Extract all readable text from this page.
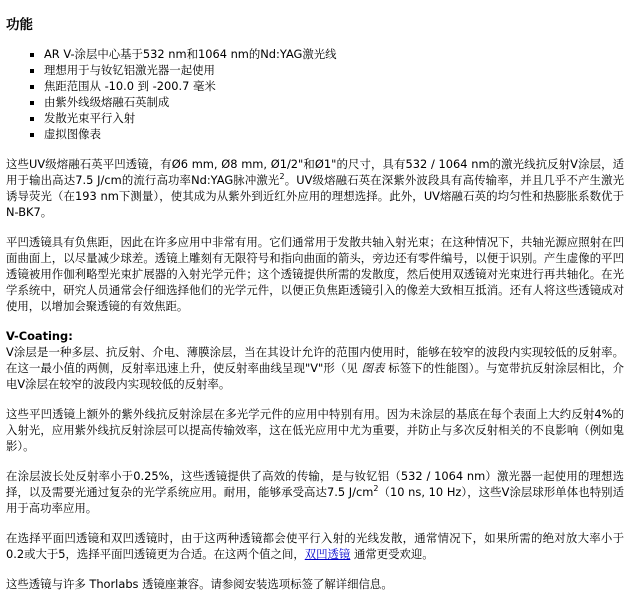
功能
▪ AR V-涂层中心基于532 nm和1064 nm的Nd:YAG激光线
▪ 理想用于与钕钇铝激光器一起使用
▪ 焦距范围从 -10.0 到 -200.7 毫米
▪ 由紫外线级熔融石英制成
▪ 发散光束平行入射
▪ 虚拟图像表

这些UV级熔融石英平凹透镜，有Ø6 mm, Ø8 mm, Ø1/2"和Ø1"的尺寸，具有532 / 1064 nm的激光线抗反射V涂层，适用于输出高达7.5 J/cm的流行高功率Nd:YAG脉冲激光$^2$。UV级熔融石英在深紫外波段具有高传输率，并且几乎不产生激光诱导荧光（在193 nm下测量），使其成为从紫外到近红外应用的理想选择。此外，UV熔融石英的均匀性和热膨胀系数优于N-BK7。

平凹透镜具有负焦距，因此在许多应用中非常有用。它们通常用于发散共轴入射光束；在这种情况下，共轴光源应照射在凹面曲面上，以尽量减少球差。透镜上雕刻有无限符号和指向曲面的箭头，旁边还有零件编号，以便于识别。产生虚像的平凹透镜被用作伽利略型光束扩展器的入射光学元件；这个透镜提供所需的发散度，然后使用双透镜对光束进行再共轴化。在光学系统中，研究人员通常会仔细选择他们的光学元件，以便正负焦距透镜引入的像差大致相互抵消。还有人将这些透镜成对使用，以增加会聚透镜的有效焦距。

V-Coating:
V涂层是一种多层、抗反射、介电、薄膜涂层，当在其设计允许的范围内使用时，能够在较窄的波段内实现较低的反射率。在这一最小值的两侧，反射率迅速上升，使反射率曲线呈现"V"形（见 图表 标签下的性能图）。与宽带抗反射涂层相比，介电V涂层在较窄的波段内实现较低的反射率。

这些平凹透镜上额外的紫外线抗反射涂层在多光学元件的应用中特别有用。因为未涂层的基底在每个表面上大约反射4%的入射光，应用紫外线抗反射涂层可以提高传输效率，这在低光应用中尤为重要，并防止与多次反射相关的不良影响（例如鬼影）。

在涂层波长处反射率小于0.25%，这些透镜提供了高效的传输，是与钕钇铝（532 / 1064 nm）激光器一起使用的理想选择，以及需要光通过复杂的光学系统应用。耐用，能够承受高达7.5 $J/cm^2(10$ ns, 10 Hz），这些V涂层球形单体也特别适用于高功率应用。

在选择平面凹透镜和双凹透镜时，由于这两种透镜都会使平行入射的光线发散，通常情况下，如果所需的绝对放大率小于0.2或大于5，选择平面凹透镜更为合适。在这两个值之间，双凹透镜 通常更受欢迎。

这些透镜与许多 Thorlabs 透镜座兼容。请参阅安装选项标签了解详细信息。
